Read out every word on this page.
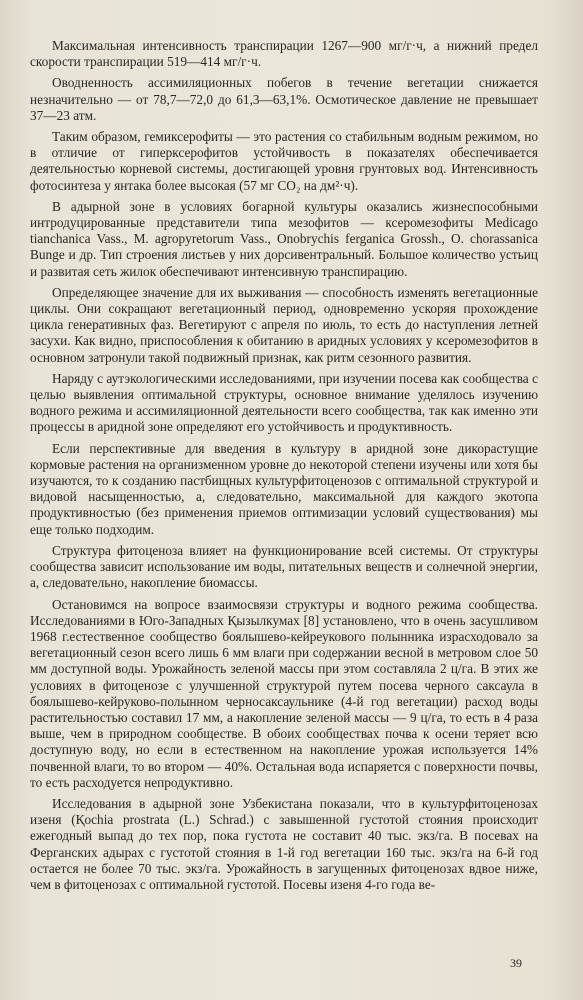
Максимальная интенсивность транспирации 1267—900 мг/г·ч, а нижний предел скорости транспирации 519—414 мг/г·ч.

Оводненность ассимиляционных побегов в течение вегетации снижается незначительно — от 78,7—72,0 до 61,3—63,1%. Осмотическое давление не превышает 37—23 атм.

Таким образом, гемиксерофиты — это растения со стабильным водным режимом, но в отличие от гиперксерофитов устойчивость в показателях обеспечивается деятельностью корневой системы, достигающей уровня грунтовых вод. Интенсивность фотосинтеза у янтака более высокая (57 мг CO₂ на дм²·ч).

В адырной зоне в условиях богарной культуры оказались жизнеспособными интродуцированные представители типа мезофитов — ксеромезофиты Medicago tianchanica Vass., M. agropyretorum Vass., Onobrychis ferganica Grossh., O. chorassanica Bunge и др. Тип строения листьев у них дорсивентральный. Большое количество устьиц и развитая сеть жилок обеспечивают интенсивную транспирацию.

Определяющее значение для их выживания — способность изменять вегетационные циклы. Они сокращают вегетационный период, одновременно ускоряя прохождение цикла генеративных фаз. Вегетируют с апреля по июль, то есть до наступления летней засухи. Как видно, приспособления к обитанию в аридных условиях у ксеромезофитов в основном затронули такой подвижный признак, как ритм сезонного развития.

Наряду с аутэкологическими исследованиями, при изучении посева как сообщества с целью выявления оптимальной структуры, основное внимание уделялось изучению водного режима и ассимиляционной деятельности всего сообщества, так как именно эти процессы в аридной зоне определяют его устойчивость и продуктивность.

Если перспективные для введения в культуру в аридной зоне дикорастущие кормовые растения на организменном уровне до некоторой степени изучены или хотя бы изучаются, то к созданию пастбищных культурфитоценозов с оптимальной структурой и видовой насыщенностью, а, следовательно, максимальной для каждого экотопа продуктивностью (без применения приемов оптимизации условий существования) мы еще только подходим.

Структура фитоценоза влияет на функционирование всей системы. От структуры сообщества зависит использование им воды, питательных веществ и солнечной энергии, а, следовательно, накопление биомассы.

Остановимся на вопросе взаимосвязи структуры и водного режима сообщества. Исследованиями в Юго-Западных Қызылкумах [8] установлено, что в очень засушливом 1968 г.естественное сообщество боялышево-кейреукового полынника израсходовало за вегетационный сезон всего лишь 6 мм влаги при содержании весной в метровом слое 50 мм доступной воды. Урожайность зеленой массы при этом составляла 2 ц/га. В этих же условиях в фитоценозе с улучшенной структурой путем посева черного саксаула в боялышево-кейруково-полынном черносаксаульнике (4-й год вегетации) расход воды растительностью составил 17 мм, а накопление зеленой массы — 9 ц/га, то есть в 4 раза выше, чем в природном сообществе. В обоих сообществах почва к осени теряет всю доступную воду, но если в естественном на накопление урожая используется 14% почвенной влаги, то во втором — 40%. Остальная вода испаряется с поверхности почвы, то есть расходуется непродуктивно.

Исследования в адырной зоне Узбекистана показали, что в культурфитоценозах изеня (Қochia prostrata (L.) Schrad.) с завышенной густотой стояния происходит ежегодный выпад до тех пор, пока густота не составит 40 тыс. экз/га. В посевах на Ферганских адырах с густотой стояния в 1-й год вегетации 160 тыс. экз/га на 6-й год остается не более 70 тыс. экз/га. Урожайность в загущенных фитоценозах вдвое ниже, чем в фитоценозах с оптимальной густотой. Посевы изеня 4-го года ве-

39
